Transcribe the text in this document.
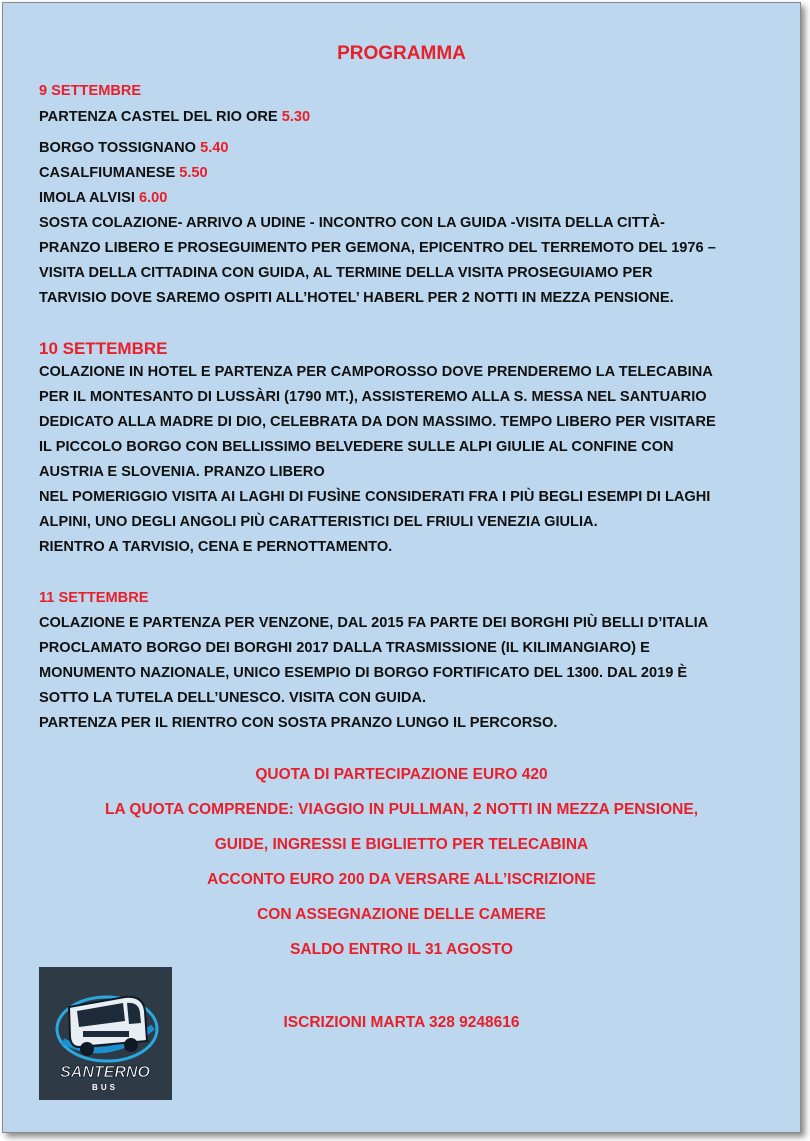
PROGRAMMA
9 SETTEMBRE
PARTENZA CASTEL DEL RIO ORE 5.30
BORGO TOSSIGNANO 5.40
CASALFIUMANESE 5.50
IMOLA ALVISI 6.00
SOSTA COLAZIONE- ARRIVO A UDINE - INCONTRO CON LA GUIDA -VISITA DELLA CITTÀ-
PRANZO LIBERO E PROSEGUIMENTO PER GEMONA, EPICENTRO DEL TERREMOTO DEL 1976 –
VISITA DELLA CITTADINA CON GUIDA, AL TERMINE DELLA VISITA PROSEGUIAMO PER
TARVISIO DOVE SAREMO OSPITI ALL’HOTEL’ HABERL PER 2 NOTTI IN MEZZA PENSIONE.
10 SETTEMBRE
COLAZIONE IN HOTEL E PARTENZA PER CAMPOROSSO DOVE PRENDEREMO LA TELECABINA
PER IL MONTESANTO DI LUSSÀRI (1790 MT.), ASSISTEREMO ALLA S. MESSA NEL SANTUARIO
DEDICATO ALLA MADRE DI DIO, CELEBRATA DA DON MASSIMO. TEMPO LIBERO PER VISITARE
IL PICCOLO BORGO CON BELLISSIMO BELVEDERE SULLE ALPI GIULIE AL CONFINE CON
AUSTRIA E SLOVENIA. PRANZO LIBERO
NEL POMERIGGIO VISITA AI LAGHI DI FUSÌNE CONSIDERATI FRA I PIÙ BEGLI ESEMPI DI LAGHI
ALPINI, UNO DEGLI ANGOLI PIÙ CARATTERISTICI DEL FRIULI VENEZIA GIULIA.
RIENTRO A TARVISIO, CENA E PERNOTTAMENTO.
11 SETTEMBRE
COLAZIONE E PARTENZA PER VENZONE, DAL 2015 FA PARTE DEI BORGHI PIÙ BELLI D’ITALIA
PROCLAMATO BORGO DEI BORGHI 2017 DALLA TRASMISSIONE (IL KILIMANGIARO) E
MONUMENTO NAZIONALE, UNICO ESEMPIO DI BORGO FORTIFICATO DEL 1300. DAL 2019 È
SOTTO LA TUTELA DELL’UNESCO. VISITA CON GUIDA.
PARTENZA PER IL RIENTRO CON SOSTA PRANZO LUNGO IL PERCORSO.
QUOTA DI PARTECIPAZIONE EURO 420
LA QUOTA COMPRENDE: VIAGGIO IN PULLMAN, 2 NOTTI IN MEZZA PENSIONE,
GUIDE, INGRESSI E BIGLIETTO PER TELECABINA
ACCONTO EURO 200 DA VERSARE ALL’ISCRIZIONE
CON ASSEGNAZIONE DELLE CAMERE
SALDO ENTRO IL 31 AGOSTO
SANTERNO
BUS
ISCRIZIONI MARTA 328 9248616
